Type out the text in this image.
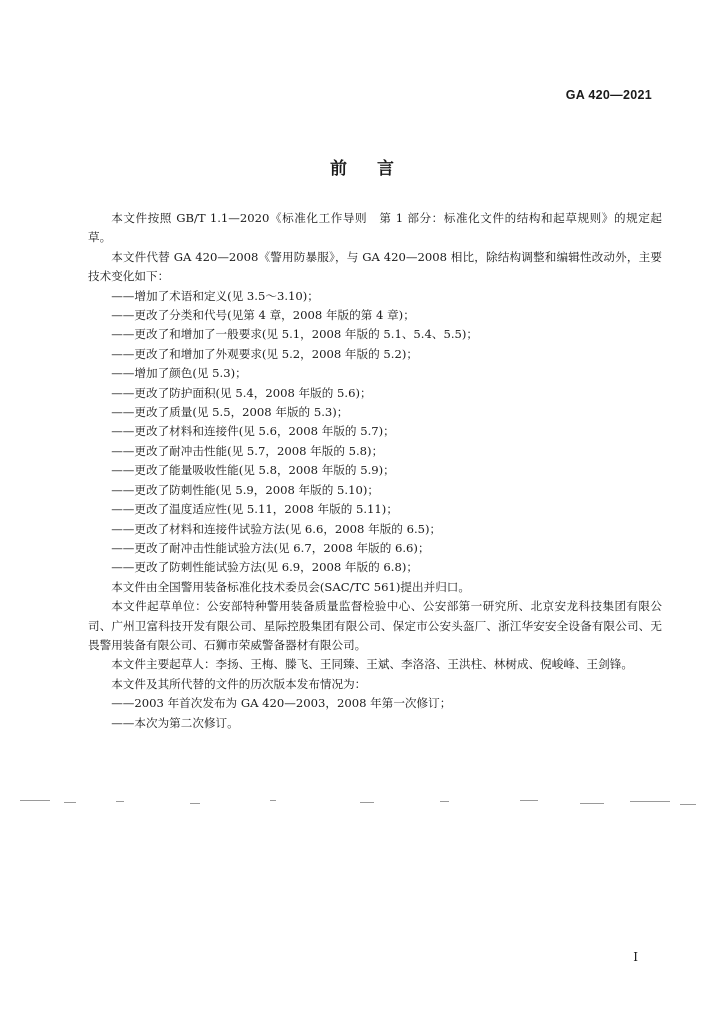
GA 420—2021
前言

本文件按照 GB/T 1.1—2020《标准化工作导则　第 1 部分：标准化文件的结构和起草规则》的规定起草。

本文件代替 GA 420—2008《警用防暴服》，与 GA 420—2008 相比，除结构调整和编辑性改动外，主要技术变化如下：

——增加了术语和定义(见 3.5～3.10)；

——更改了分类和代号(见第 4 章，2008 年版的第 4 章)；

——更改了和增加了一般要求(见 5.1，2008 年版的 5.1、5.4、5.5)；

——更改了和增加了外观要求(见 5.2，2008 年版的 5.2)；

——增加了颜色(见 5.3)；

——更改了防护面积(见 5.4，2008 年版的 5.6)；

——更改了质量(见 5.5，2008 年版的 5.3)；

——更改了材料和连接件(见 5.6，2008 年版的 5.7)；

——更改了耐冲击性能(见 5.7，2008 年版的 5.8)；

——更改了能量吸收性能(见 5.8，2008 年版的 5.9)；

——更改了防刺性能(见 5.9，2008 年版的 5.10)；

——更改了温度适应性(见 5.11，2008 年版的 5.11)；

——更改了材料和连接件试验方法(见 6.6，2008 年版的 6.5)；

——更改了耐冲击性能试验方法(见 6.7，2008 年版的 6.6)；

——更改了防刺性能试验方法(见 6.9，2008 年版的 6.8)；

本文件由全国警用装备标准化技术委员会(SAC/TC 561)提出并归口。

本文件起草单位：公安部特种警用装备质量监督检验中心、公安部第一研究所、北京安龙科技集团有限公司、广州卫富科技开发有限公司、星际控股集团有限公司、保定市公安头盔厂、浙江华安安全设备有限公司、无畏警用装备有限公司、石狮市荣威警备器材有限公司。

本文件主要起草人：李扬、王梅、滕飞、王同臻、王斌、李洛洛、王洪柱、林树成、倪峻峰、王剑锋。

本文件及其所代替的文件的历次版本发布情况为：

——2003 年首次发布为 GA 420—2003，2008 年第一次修订；

——本次为第二次修订。

I
